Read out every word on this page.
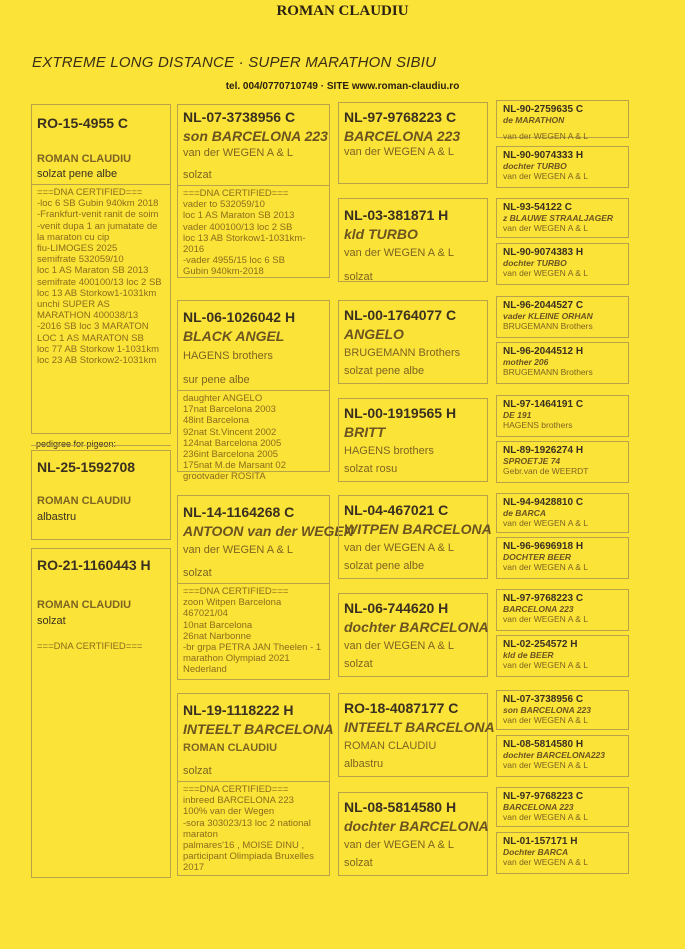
ROMAN CLAUDIU
EXTREME LONG DISTANCE · SUPER MARATHON SIBIU
tel. 004/0770710749 · SITE www.roman-claudiu.ro
RO-15-4955 C
ROMAN CLAUDIU
solzat pene albe
===DNA CERTIFIED===
-loc 6 SB Gubin 940km 2018
-Frankfurt-venit ranit de soim
-venit dupa 1 an jumatate de la maraton cu cip
fiu-LIMOGES 2025
semifrate 532059/10
loc 1 AS Maraton SB 2013
semifrate 400100/13 loc 2 SB loc 13 AB Storkow1-1031km
unchi SUPER AS MARATHON 400038/13
-2016 SB loc 3 MARATON LOC 1 AS MARATON SB
loc 77 AB Storkow 1-1031km
loc 23 AB Storkow2-1031km
pedigree for pigeon:
NL-25-1592708
ROMAN CLAUDIU
albastru
RO-21-1160443 H
ROMAN CLAUDIU
solzat
===DNA CERTIFIED===
NL-07-3738956 C
son BARCELONA 223
van der WEGEN A & L
solzat
===DNA CERTIFIED===
vader to 532059/10
loc 1 AS Maraton SB 2013
vader 400100/13 loc 2 SB
loc 13 AB Storkow1-1031km-2016
-vader 4955/15 loc 6 SB
Gubin 940km-2018
NL-06-1026042 H
BLACK ANGEL
HAGENS brothers
sur pene albe
daughter ANGELO
17nat Barcelona 2003
48int Barcelona
92nat St.Vincent 2002
124nat Barcelona 2005
236int Barcelona 2005
175nat M.de Marsant 02
grootvader ROSITA
NL-14-1164268 C
ANTOON van der WEGEN
van der WEGEN A & L
solzat
===DNA CERTIFIED===
zoon Witpen Barcelona 467021/04
10nat Barcelona
26nat Narbonne
-br grpa PETRA JAN Theelen - 1 marathon Olympiad 2021 Nederland
NL-19-1118222 H
INTEELT BARCELONA
ROMAN CLAUDIU
solzat
===DNA CERTIFIED===
inbreed BARCELONA 223
100% van der Wegen
-sora 303023/13 loc 2 national maraton
palmares'16 , MOISE DINU , participant Olimpiada Bruxelles 2017
NL-97-9768223 C
BARCELONA 223
van der WEGEN A & L
NL-03-381871 H
kld TURBO
van der WEGEN A & L
solzat
NL-00-1764077 C
ANGELO
BRUGEMANN Brothers
solzat pene albe
NL-00-1919565 H
BRITT
HAGENS brothers
solzat rosu
NL-04-467021 C
WITPEN BARCELONA
van der WEGEN A & L
solzat pene albe
NL-06-744620 H
dochter BARCELONA
van der WEGEN A & L
solzat
RO-18-4087177 C
INTEELT BARCELONA
ROMAN CLAUDIU
albastru
NL-08-5814580 H
dochter BARCELONA
van der WEGEN A & L
solzat
NL-90-2759635 C
de MARATHON
van der WEGEN A & L
NL-90-9074333 H
dochter TURBO
van der WEGEN A & L
NL-93-54122 C
z BLAUWE STRAALJAGER
van der WEGEN A & L
NL-90-9074383 H
dochter TURBO
van der WEGEN A & L
NL-96-2044527 C
vader KLEINE ORHAN
BRUGEMANN Brothers
NL-96-2044512 H
mother 206
BRUGEMANN Brothers
NL-97-1464191 C
DE 191
HAGENS brothers
NL-89-1926274 H
SPROETJE 74
Gebr.van de WEERDT
NL-94-9428810 C
de BARCA
van der WEGEN A & L
NL-96-9696918 H
DOCHTER BEER
van der WEGEN A & L
NL-97-9768223 C
BARCELONA 223
van der WEGEN A & L
NL-02-254572 H
kld de BEER
van der WEGEN A & L
NL-07-3738956 C
son BARCELONA 223
van der WEGEN A & L
NL-08-5814580 H
dochter BARCELONA223
van der WEGEN A & L
NL-97-9768223 C
BARCELONA 223
van der WEGEN A & L
NL-01-157171 H
Dochter BARCA
van der WEGEN A & L
